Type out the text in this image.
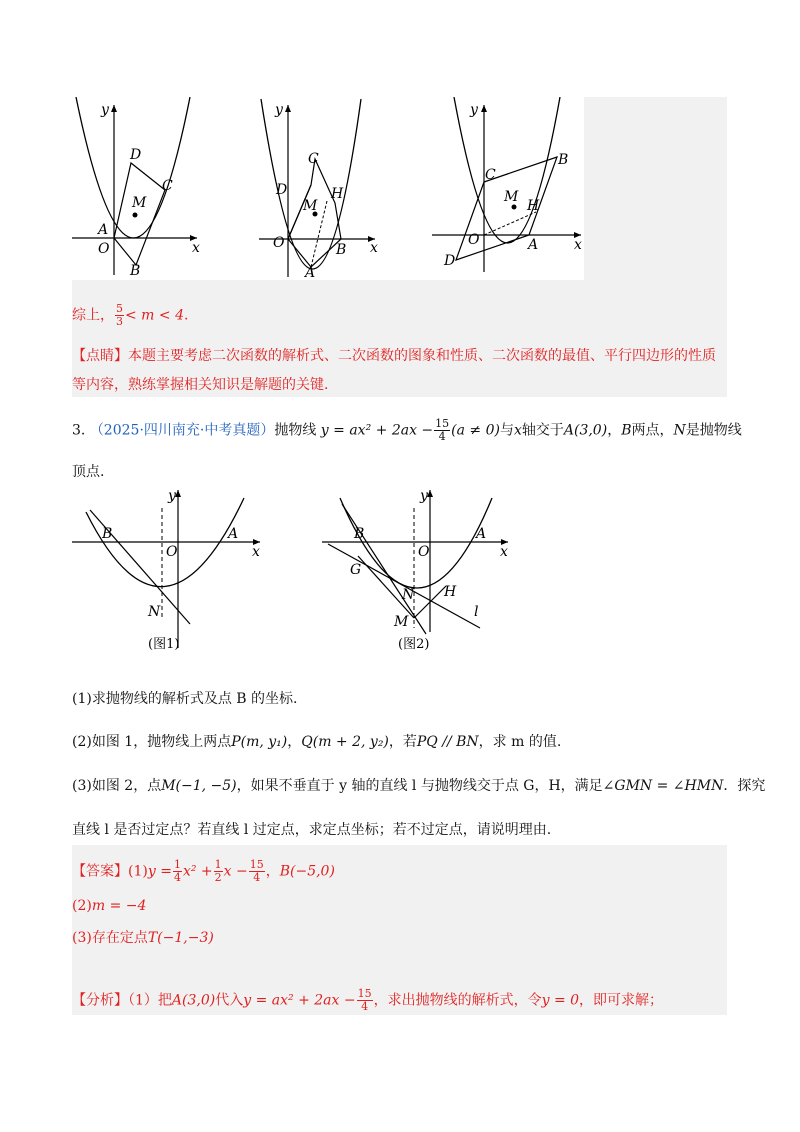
y
D
C
M
A
O
B
x
y
C
D	H
M
O	B
A
x
y
B
C
M
H
O	A
D
x
综上， $\frac{5}{3} < m < 4$.
【点睛】本题主要考虑二次函数的解析式、二次函数的图象和性质、二次函数的最值、平行四边形的性质
等内容，熟练掌握相关知识是解题的关键.
3. （2025·四川南充·中考真题）抛物线 $y = ax^2 + 2ax - \frac{15}{4} (a \ne 0)$与x轴交于A(3,0)，B两点，N是抛物线
顶点.
y
B
O
A
x
N
(图1)
y
B
O
A
x
G
N H
l
M
(图2)
(1)求抛物线的解析式及点 B 的坐标.
(2)如图 1，抛物线上两点P(m, y₁)，Q(m + 2, y₂)，若PQ // BN，求 m 的值.
(3)如图 2，点M(−1, −5)，如果不垂直于 y 轴的直线 l 与抛物线交于点 G，H，满足∠GMN = ∠HMN．探究
直线 l 是否过定点？若直线 l 过定点，求定点坐标；若不过定点，请说明理由.
【答案】$(1)y = \frac{1}{4} x^2 + \frac{1}{2}$ $x - \frac{15}{4}$ ，B(−5,0)
(2)m = −4
(3)存在定点T(−1,−3)
【分析】（1）把A(3,0)代入$y = ax^2 + 2ax - \frac{15}{4}$ ，求出抛物线的解析式，令y = 0，即可求解；
